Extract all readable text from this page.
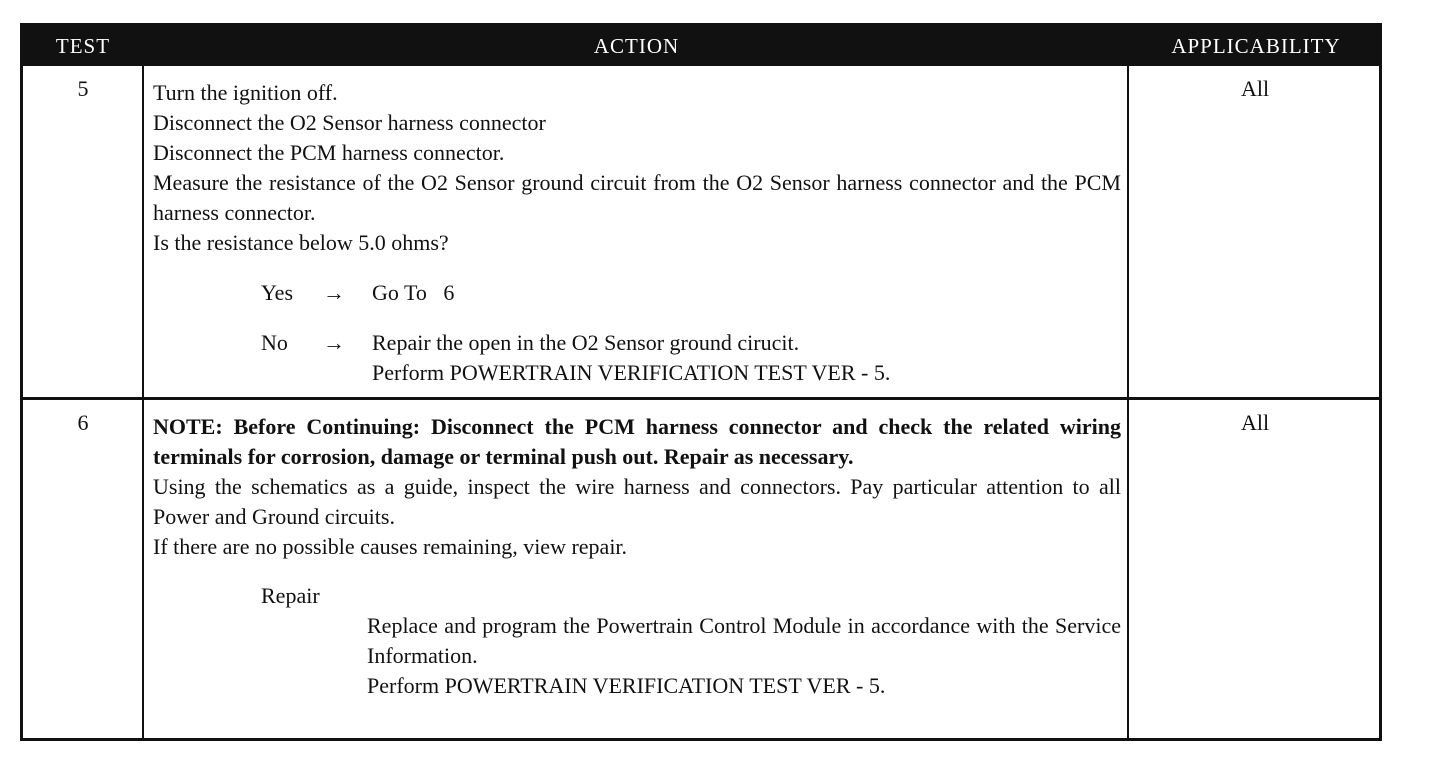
TEST	ACTION	APPLICABILITY
5	Turn the ignition off.
Disconnect the O2 Sensor harness connector
Disconnect the PCM harness connector.
Measure the resistance of the O2 Sensor ground circuit from the O2 Sensor harness connector and the PCM harness connector.
Is the resistance below 5.0 ohms?
Yes → Go To   6
No → Repair the open in the O2 Sensor ground cirucit.
Perform POWERTRAIN VERIFICATION TEST VER - 5.
All
6	NOTE: Before Continuing: Disconnect the PCM harness connector and check the related wiring terminals for corrosion, damage or terminal push out. Repair as necessary.
Using the schematics as a guide, inspect the wire harness and connectors. Pay particular attention to all Power and Ground circuits.
If there are no possible causes remaining, view repair.
Repair
Replace and program the Powertrain Control Module in accordance with the Service Information.
Perform POWERTRAIN VERIFICATION TEST VER - 5.
All
